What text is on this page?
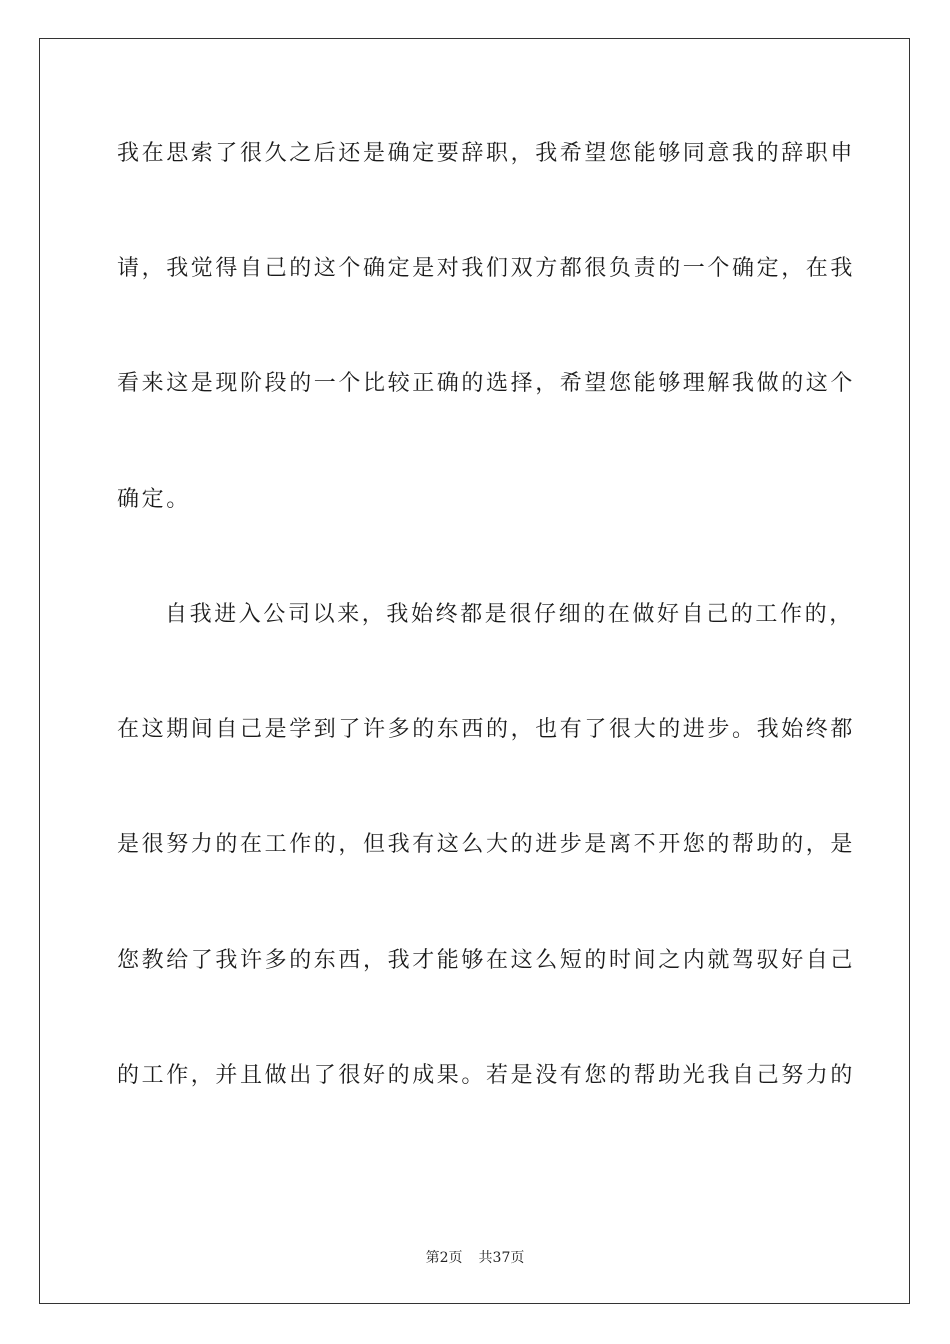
我在思索了很久之后还是确定要辞职，我希望您能够同意我的辞职申
请，我觉得自己的这个确定是对我们双方都很负责的一个确定，在我
看来这是现阶段的一个比较正确的选择，希望您能够理解我做的这个
确定。
自我进入公司以来，我始终都是很仔细的在做好自己的工作的，
在这期间自己是学到了许多的东西的，也有了很大的进步。我始终都
是很努力的在工作的，但我有这么大的进步是离不开您的帮助的，是
您教给了我许多的东西，我才能够在这么短的时间之内就驾驭好自己
的工作，并且做出了很好的成果。若是没有您的帮助光我自己努力的
第2页 共37页
